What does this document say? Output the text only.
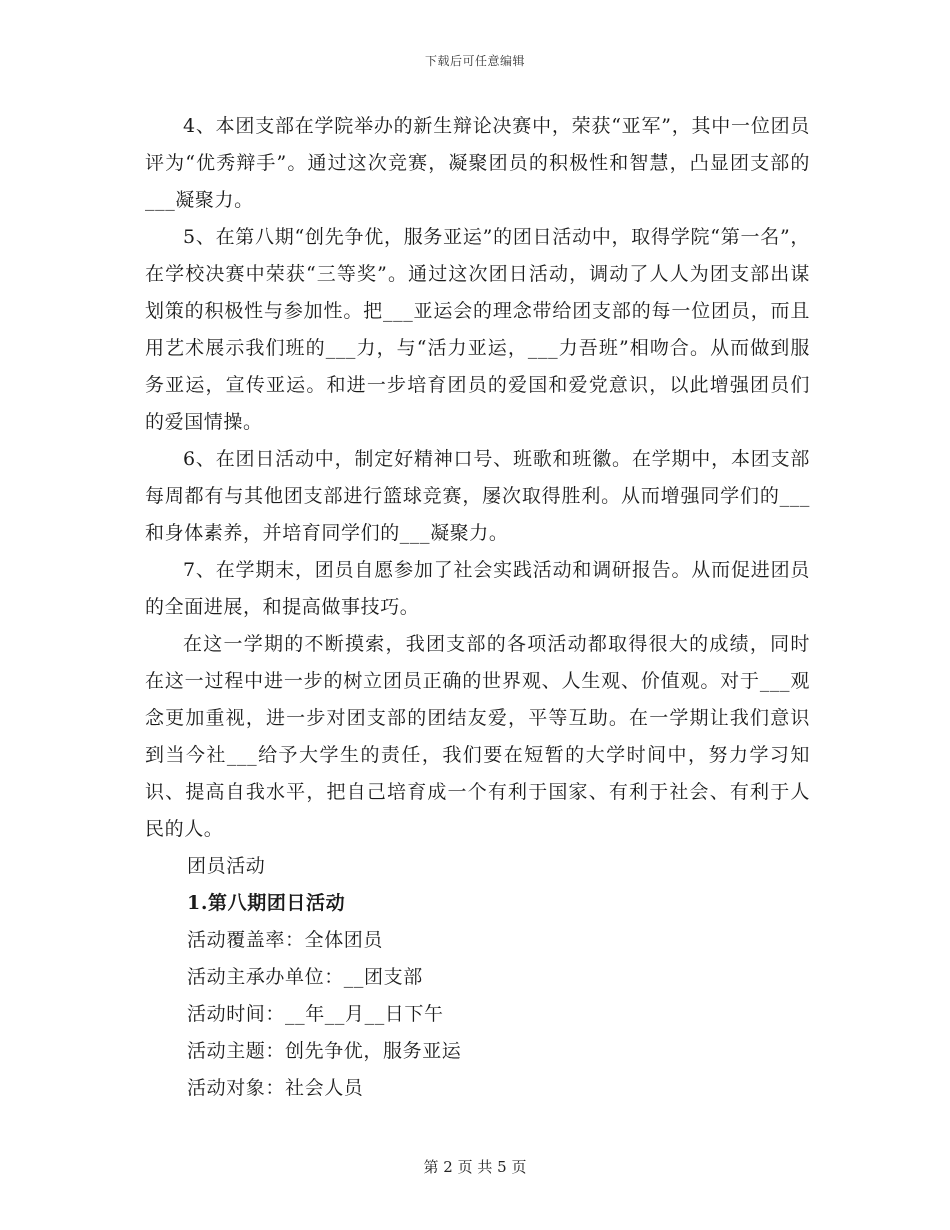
下载后可任意编辑

4、本团支部在学院举办的新生辩论决赛中，荣获“亚军”，其中一位团员评为“优秀辩手”。通过这次竞赛，凝聚团员的积极性和智慧，凸显团支部的___凝聚力。

5、在第八期“创先争优，服务亚运”的团日活动中，取得学院“第一名”，在学校决赛中荣获“三等奖”。通过这次团日活动，调动了人人为团支部出谋划策的积极性与参加性。把___亚运会的理念带给团支部的每一位团员，而且用艺术展示我们班的___力，与“活力亚运，___力吾班”相吻合。从而做到服务亚运，宣传亚运。和进一步培育团员的爱国和爱党意识，以此增强团员们的爱国情操。

6、在团日活动中，制定好精神口号、班歌和班徽。在学期中，本团支部每周都有与其他团支部进行篮球竞赛，屡次取得胜利。从而增强同学们的___和身体素养，并培育同学们的___凝聚力。

7、在学期末，团员自愿参加了社会实践活动和调研报告。从而促进团员的全面进展，和提高做事技巧。

在这一学期的不断摸索，我团支部的各项活动都取得很大的成绩，同时在这一过程中进一步的树立团员正确的世界观、人生观、价值观。对于___观念更加重视，进一步对团支部的团结友爱，平等互助。在一学期让我们意识到当今社___给予大学生的责任，我们要在短暂的大学时间中，努力学习知识、提高自我水平，把自己培育成一个有利于国家、有利于社会、有利于人民的人。

团员活动

1.第八期团日活动

活动覆盖率：全体团员

活动主承办单位：__团支部

活动时间：__年__月__日下午

活动主题：创先争优，服务亚运

活动对象：社会人员

第 2 页 共 5 页
